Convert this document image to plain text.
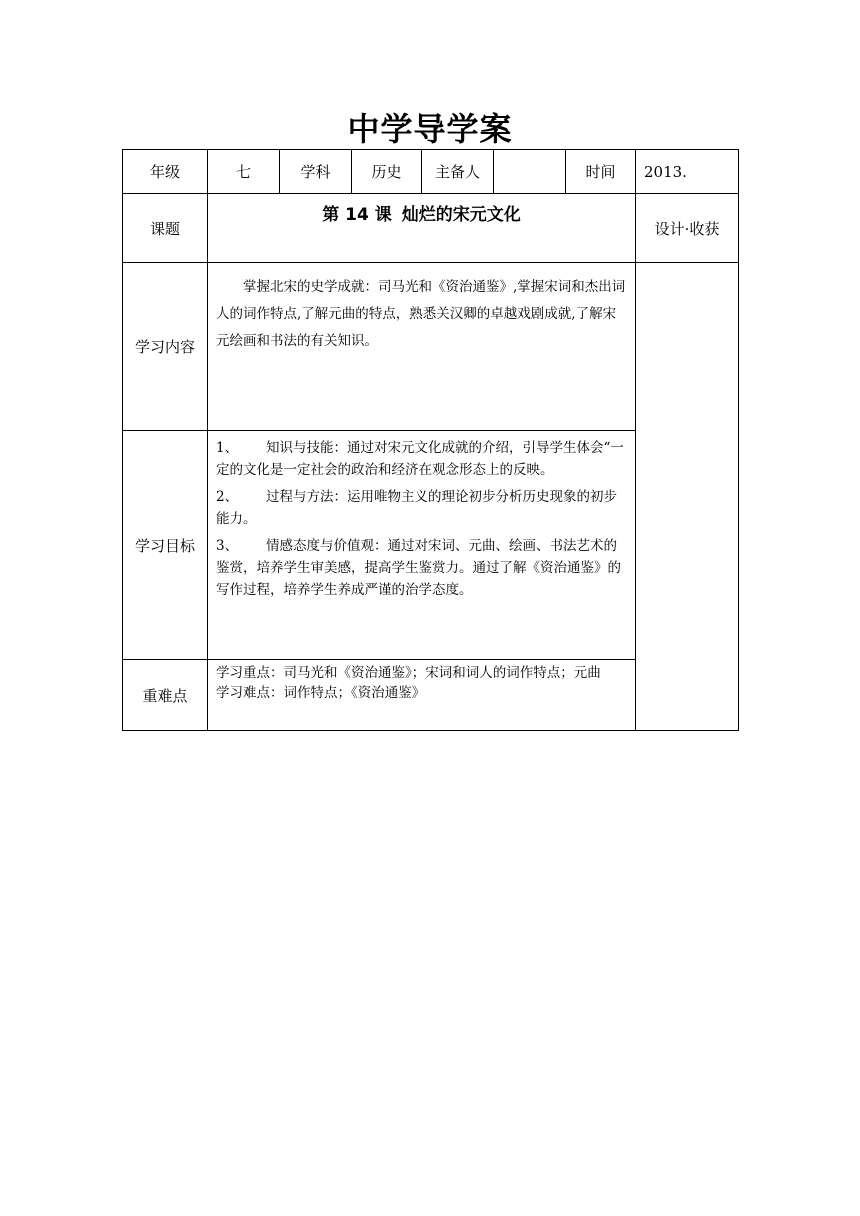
中学导学案
年级	七	学科	历史	主备人		时间	2013.
课题	第 14 课 灿烂的宋元文化						设计·收获
学习内容	掌握北宋的史学成就：司马光和《资治通鉴》,掌握宋词和杰出词人的词作特点,了解元曲的特点，熟悉关汉卿的卓越戏剧成就,了解宋元绘画和书法的有关知识。						
学习目标	1、 知识与技能：通过对宋元文化成就的介绍，引导学生体会“一定的文化是一定社会的政治和经济在观念形态上的反映。
2、 过程与方法：运用唯物主义的理论初步分析历史现象的初步能力。
3、 情感态度与价值观：通过对宋词、元曲、绘画、书法艺术的鉴赏，培养学生审美感，提高学生鉴赏力。通过了解《资治通鉴》的写作过程，培养学生养成严谨的治学态度。						

重难点	学习重点：司马光和《资治通鉴》；宋词和词人的词作特点；元曲
学习难点：词作特点；《资治通鉴》						
